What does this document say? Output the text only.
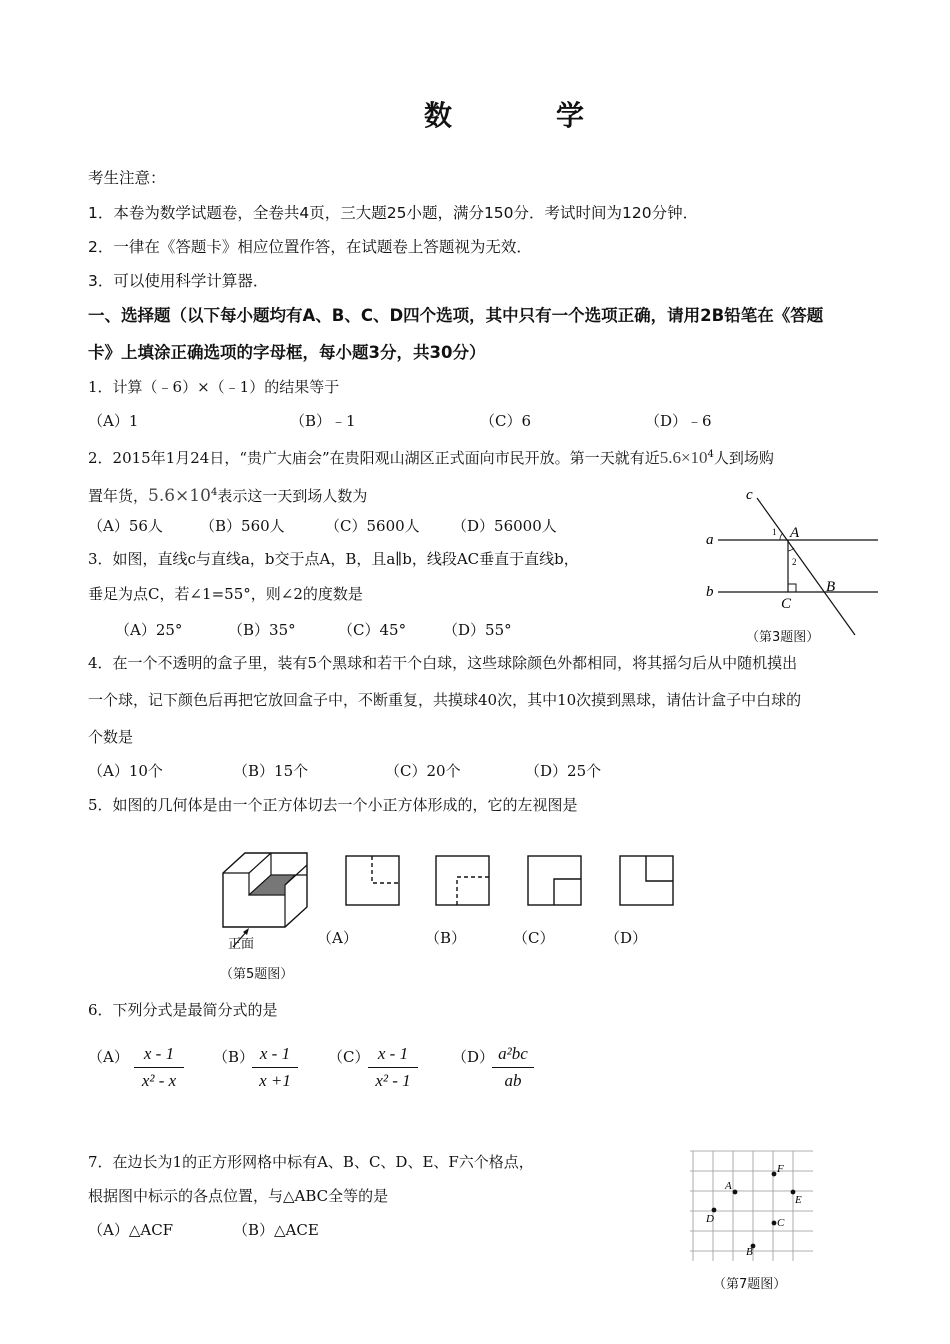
数　学
考生注意：
1．本卷为数学试题卷，全卷共4页，三大题25小题，满分150分．考试时间为120分钟．
2．一律在《答题卡》相应位置作答，在试题卷上答题视为无效．
3．可以使用科学计算器．
一、选择题（以下每小题均有A、B、C、D四个选项，其中只有一个选项正确，请用2B铅笔在《答题
卡》上填涂正确选项的字母框，每小题3分，共30分）
1．计算（﹣6）×（﹣1）的结果等于
（A）1	（B）﹣1	（C）6	（D）﹣6
2．2015年1月24日，“贵广大庙会”在贵阳观山湖区正式面向市民开放。第一天就有近$5.6\times 10^4$人到场购
置年货，$5.6\times 10^4$表示这一天到场人数为
（A）56人 （B）560人	（C）5600人 （D）56000人
3．如图，直线c与直线a，b交于点A，B，且a∥b，线段AC垂直于直线b，
垂足为点C，若∠1=55°，则∠2的度数是
（A）25°	（B）35°	（C）45° （D）55°
c
a
b
A
B
C
1
2
（第3题图）
4．在一个不透明的盒子里，装有5个黑球和若干个白球，这些球除颜色外都相同，将其摇匀后从中随机摸出
一个球，记下颜色后再把它放回盒子中，不断重复，共摸球40次，其中10次摸到黑球，请估计盒子中白球的
个数是
（A）10个	（B）15个	（C）20个	（D）25个
5．如图的几何体是由一个正方体切去一个小正方体形成的，它的左视图是
正面
（第5题图）
（A）	（B）	（C）	（D）
6．下列分式是最简分式的是
（A） x - 1
x² - x
（B） x - 1
x +1
（C） x - 1
x² - 1
（D） a²bc
ab
7．在边长为1的正方形网格中标有A、B、C、D、E、F六个格点，
根据图中标示的各点位置，与△ABC全等的是
（A）△ACF	（B）△ACE
A
B
C
D
E
F
（第7题图）
